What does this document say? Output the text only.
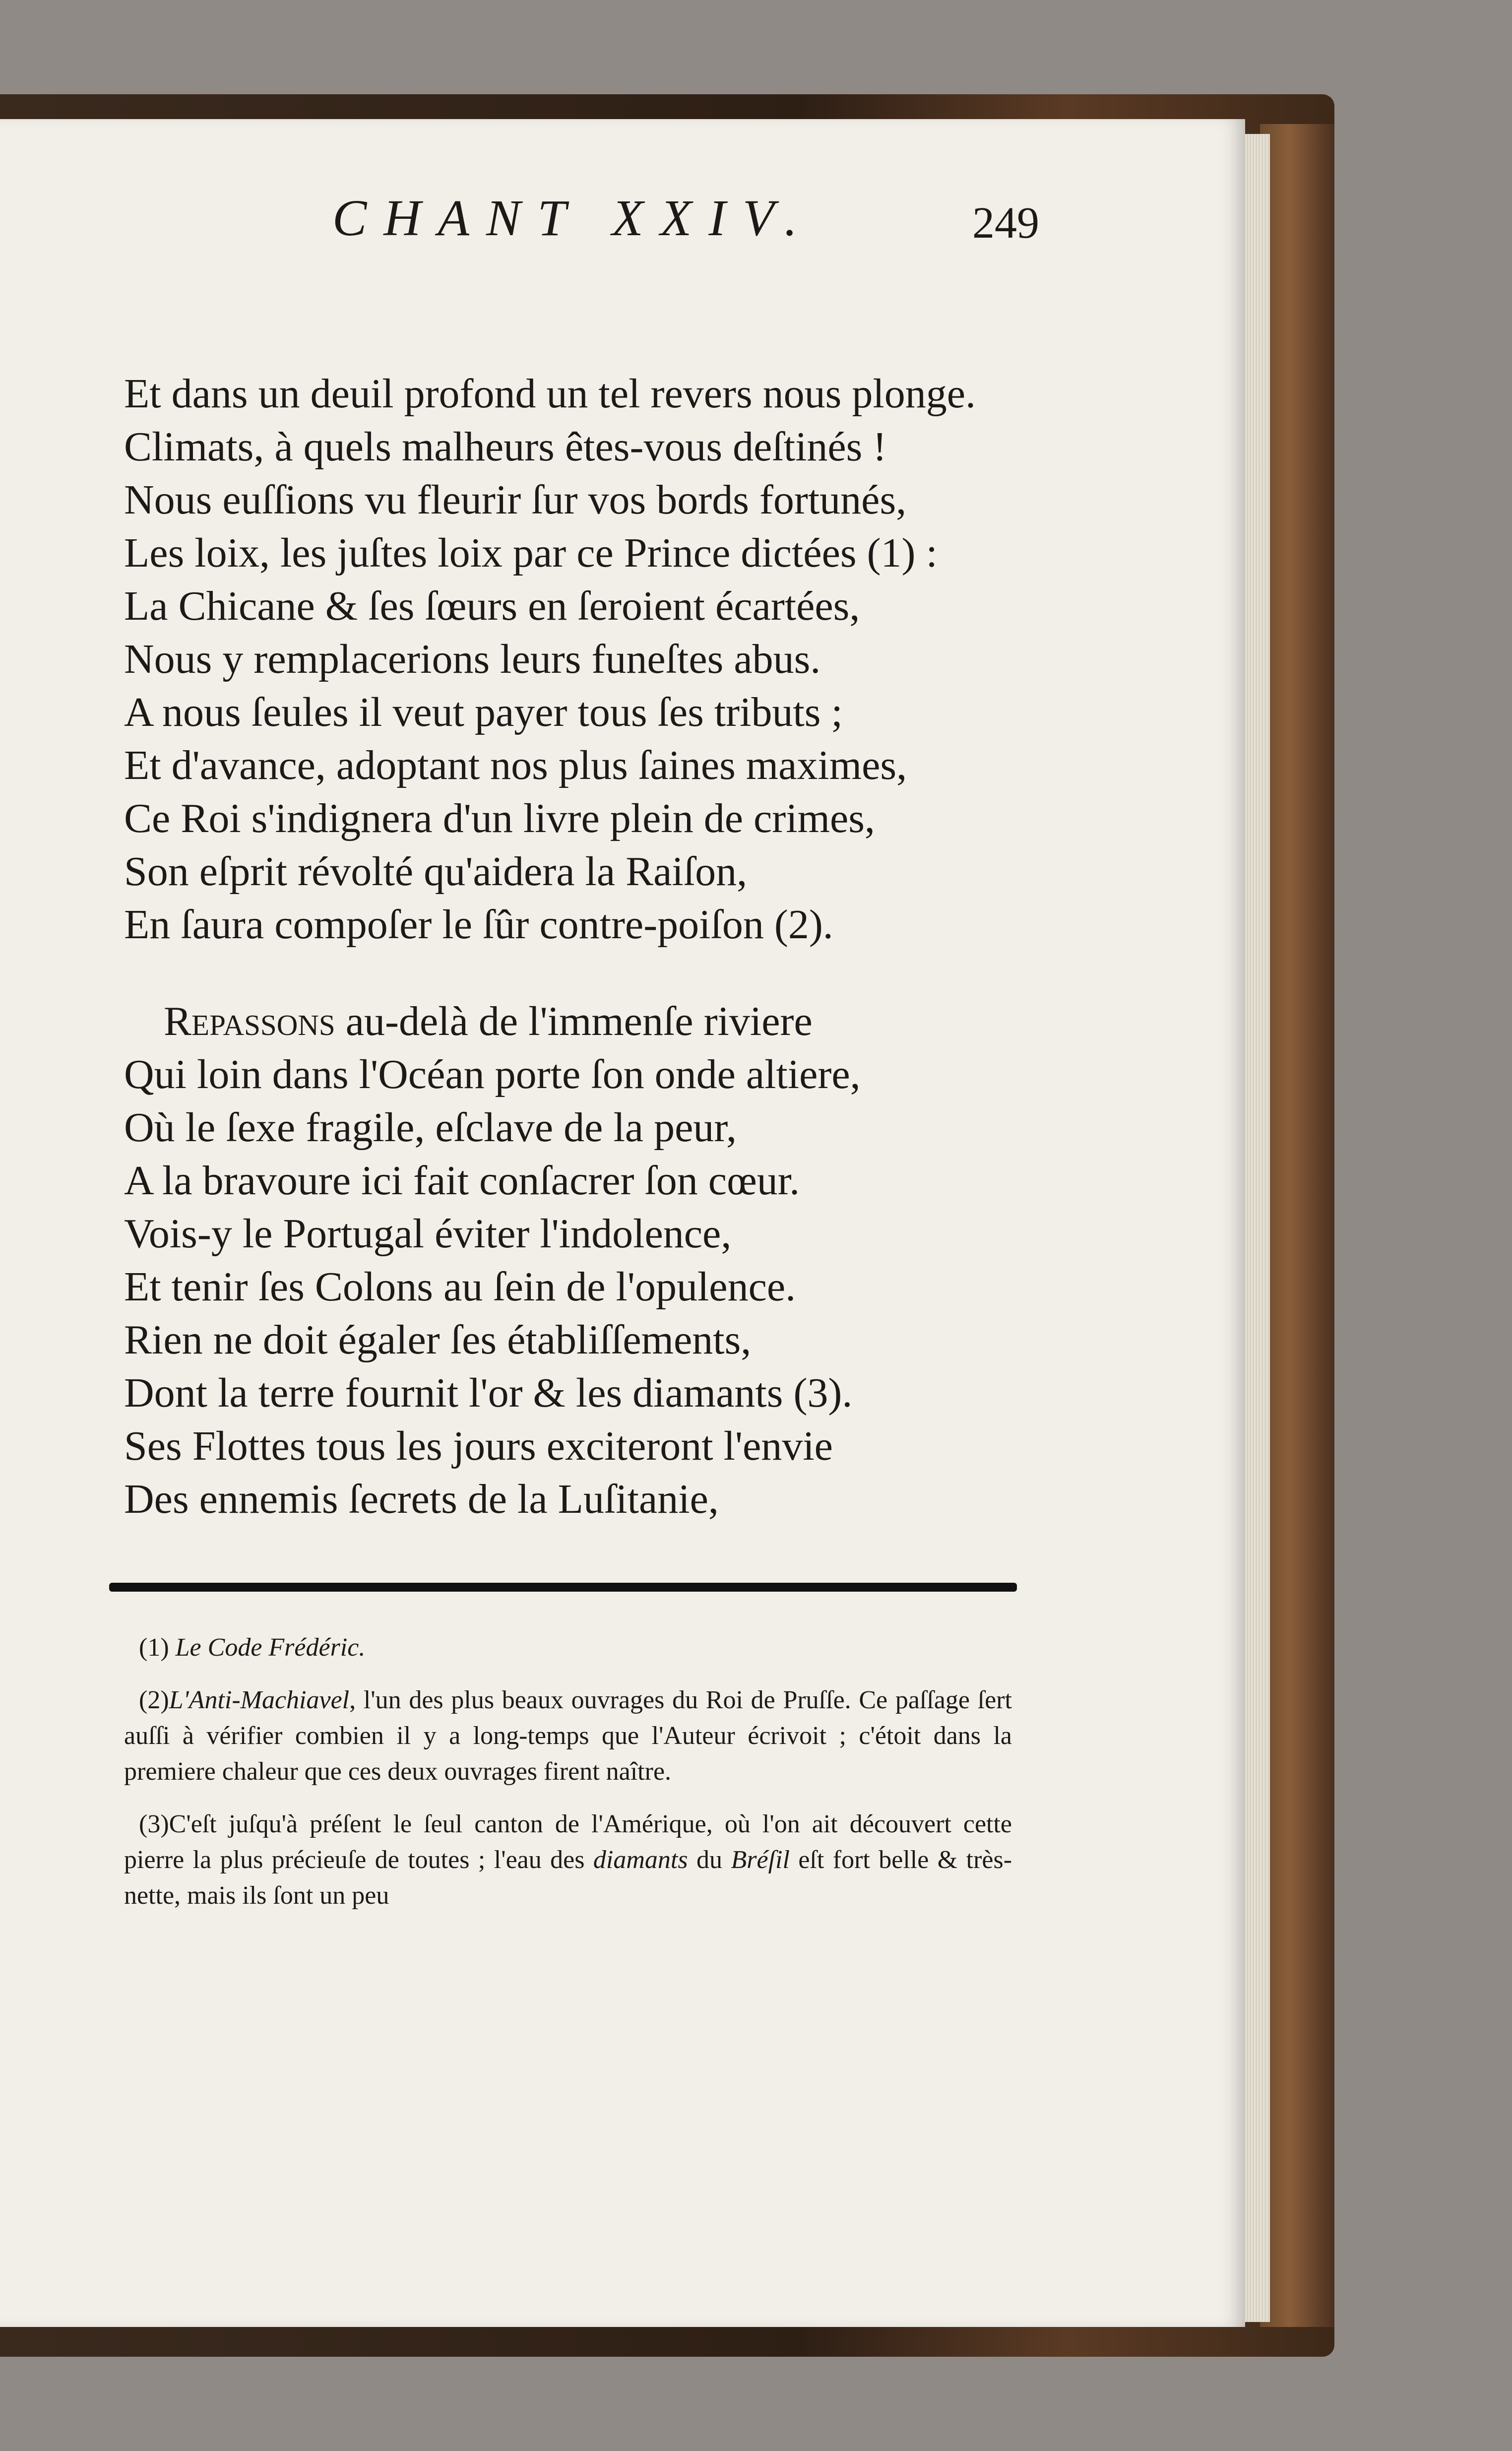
CHANT XXIV.	249
Et dans un deuil profond un tel revers nous plonge.
Climats, à quels malheurs êtes-vous deſtinés !
Nous euſſions vu fleurir ſur vos bords fortunés,
Les loix, les juſtes loix par ce Prince dictées (1) :
La Chicane & ſes ſœurs en ſeroient écartées,
Nous y remplacerions leurs funeſtes abus.
A nous ſeules il veut payer tous ſes tributs ;
Et d'avance, adoptant nos plus ſaines maximes,
Ce Roi s'indignera d'un livre plein de crimes,
Son eſprit révolté qu'aidera la Raiſon,
En ſaura compoſer le ſûr contre-poiſon (2).
Repassons au-delà de l'immenſe riviere
Qui loin dans l'Océan porte ſon onde altiere,
Où le ſexe fragile, eſclave de la peur,
A la bravoure ici fait conſacrer ſon cœur.
Vois-y le Portugal éviter l'indolence,
Et tenir ſes Colons au ſein de l'opulence.
Rien ne doit égaler ſes établiſſements,
Dont la terre fournit l'or & les diamants (3).
Ses Flottes tous les jours exciteront l'envie
Des ennemis ſecrets de la Luſitanie,
(1) Le Code Frédéric.
(2)L'Anti-Machiavel, l'un des plus beaux ouvrages du Roi de Pruſſe. Ce paſſage ſert auſſi à vérifier combien il y a long-temps que l'Auteur écrivoit ; c'étoit dans la premiere chaleur que ces deux ouvrages firent naître.
(3)C'eſt juſqu'à préſent le ſeul canton de l'Amérique, où l'on ait découvert cette pierre la plus précieuſe de toutes ; l'eau des diamants du Bréſil eſt fort belle & très-nette, mais ils ſont un peu
